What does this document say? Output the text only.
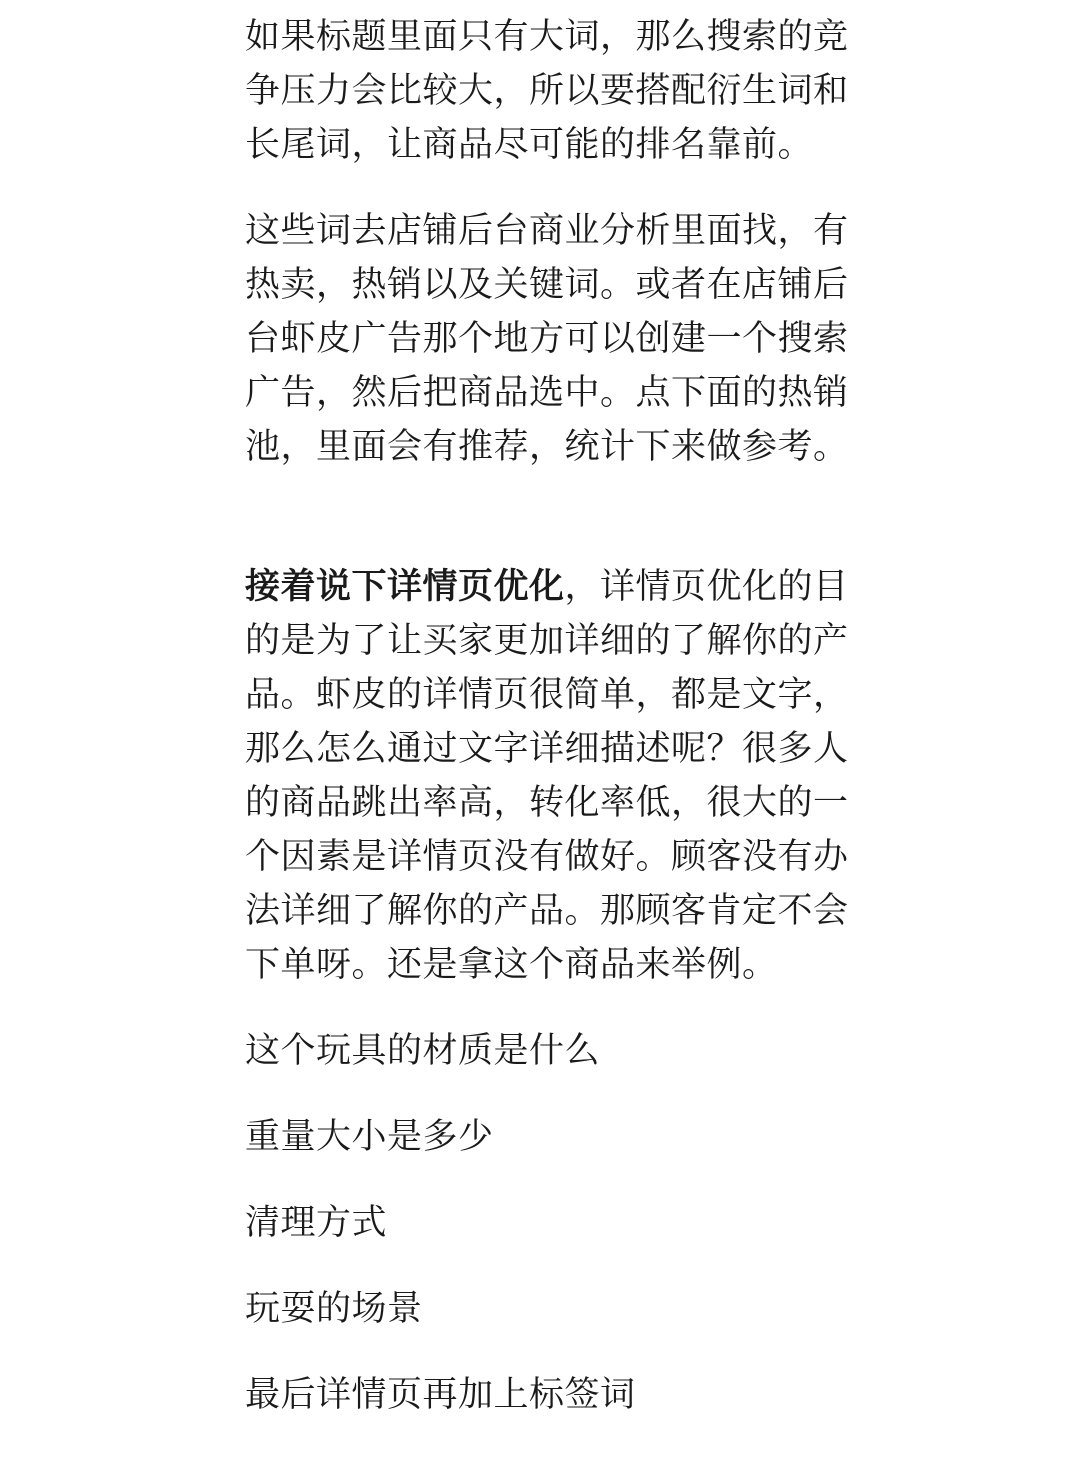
如果标题里面只有大词，那么搜索的竞
争压力会比较大，所以要搭配衍生词和
长尾词，让商品尽可能的排名靠前。

这些词去店铺后台商业分析里面找，有
热卖，热销以及关键词。或者在店铺后
台虾皮广告那个地方可以创建一个搜索
广告，然后把商品选中。点下面的热销
池，里面会有推荐，统计下来做参考。

接着说下详情页优化，详情页优化的目
的是为了让买家更加详细的了解你的产
品。虾皮的详情页很简单，都是文字，
那么怎么通过文字详细描述呢？很多人
的商品跳出率高，转化率低，很大的一
个因素是详情页没有做好。顾客没有办
法详细了解你的产品。那顾客肯定不会
下单呀。还是拿这个商品来举例。

这个玩具的材质是什么

重量大小是多少

清理方式

玩耍的场景

最后详情页再加上标签词
